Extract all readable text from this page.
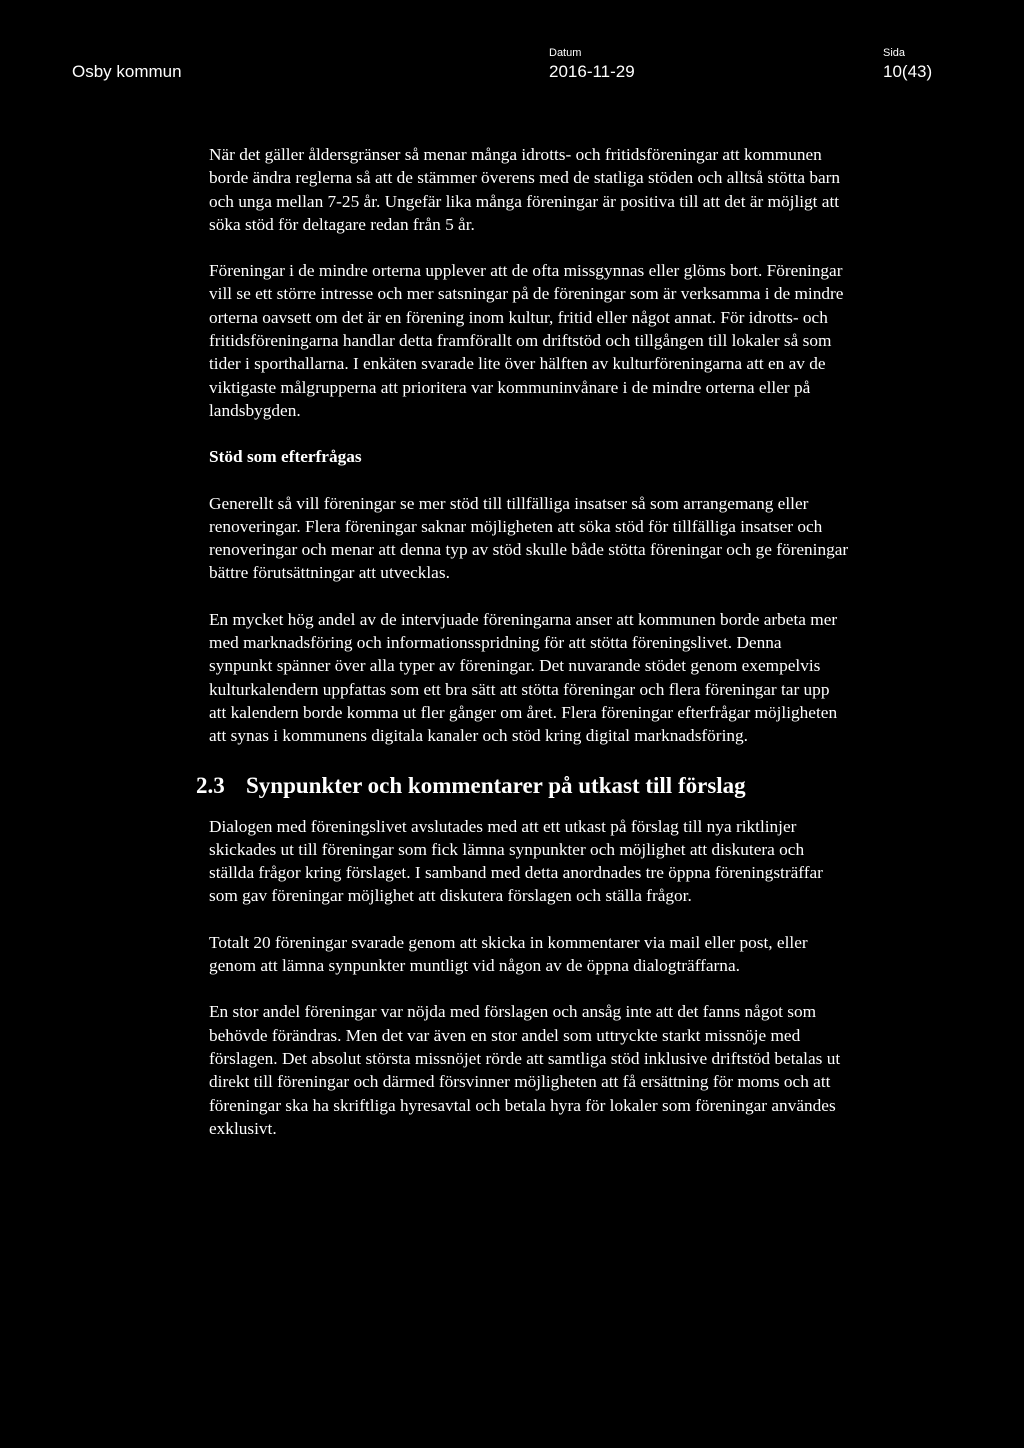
Osby kommun
Datum
2016-11-29
Sida
10(43)

När det gäller åldersgränser så menar många idrotts- och fritidsföreningar att kommunen borde ändra reglerna så att de stämmer överens med de statliga stöden och alltså stötta barn och unga mellan 7-25 år. Ungefär lika många föreningar är positiva till att det är möjligt att söka stöd för deltagare redan från 5 år.

Föreningar i de mindre orterna upplever att de ofta missgynnas eller glöms bort. Föreningar vill se ett större intresse och mer satsningar på de föreningar som är verksamma i de mindre orterna oavsett om det är en förening inom kultur, fritid eller något annat. För idrotts- och fritidsföreningarna handlar detta framförallt om driftstöd och tillgången till lokaler så som tider i sporthallarna. I enkäten svarade lite över hälften av kulturföreningarna att en av de viktigaste målgrupperna att prioritera var kommuninvånare i de mindre orterna eller på landsbygden.

Stöd som efterfrågas

Generellt så vill föreningar se mer stöd till tillfälliga insatser så som arrangemang eller renoveringar. Flera föreningar saknar möjligheten att söka stöd för tillfälliga insatser och renoveringar och menar att denna typ av stöd skulle både stötta föreningar och ge föreningar bättre förutsättningar att utvecklas.

En mycket hög andel av de intervjuade föreningarna anser att kommunen borde arbeta mer med marknadsföring och informationsspridning för att stötta föreningslivet. Denna synpunkt spänner över alla typer av föreningar. Det nuvarande stödet genom exempelvis kulturkalendern uppfattas som ett bra sätt att stötta föreningar och flera föreningar tar upp att kalendern borde komma ut fler gånger om året. Flera föreningar efterfrågar möjligheten att synas i kommunens digitala kanaler och stöd kring digital marknadsföring.

2.3 Synpunkter och kommentarer på utkast till förslag

Dialogen med föreningslivet avslutades med att ett utkast på förslag till nya riktlinjer skickades ut till föreningar som fick lämna synpunkter och möjlighet att diskutera och ställda frågor kring förslaget. I samband med detta anordnades tre öppna föreningsträffar som gav föreningar möjlighet att diskutera förslagen och ställa frågor.

Totalt 20 föreningar svarade genom att skicka in kommentarer via mail eller post, eller genom att lämna synpunkter muntligt vid någon av de öppna dialogträffarna.

En stor andel föreningar var nöjda med förslagen och ansåg inte att det fanns något som behövde förändras. Men det var även en stor andel som uttryckte starkt missnöje med förslagen. Det absolut största missnöjet rörde att samtliga stöd inklusive driftstöd betalas ut direkt till föreningar och därmed försvinner möjligheten att få ersättning för moms och att föreningar ska ha skriftliga hyresavtal och betala hyra för lokaler som föreningar användes exklusivt.
